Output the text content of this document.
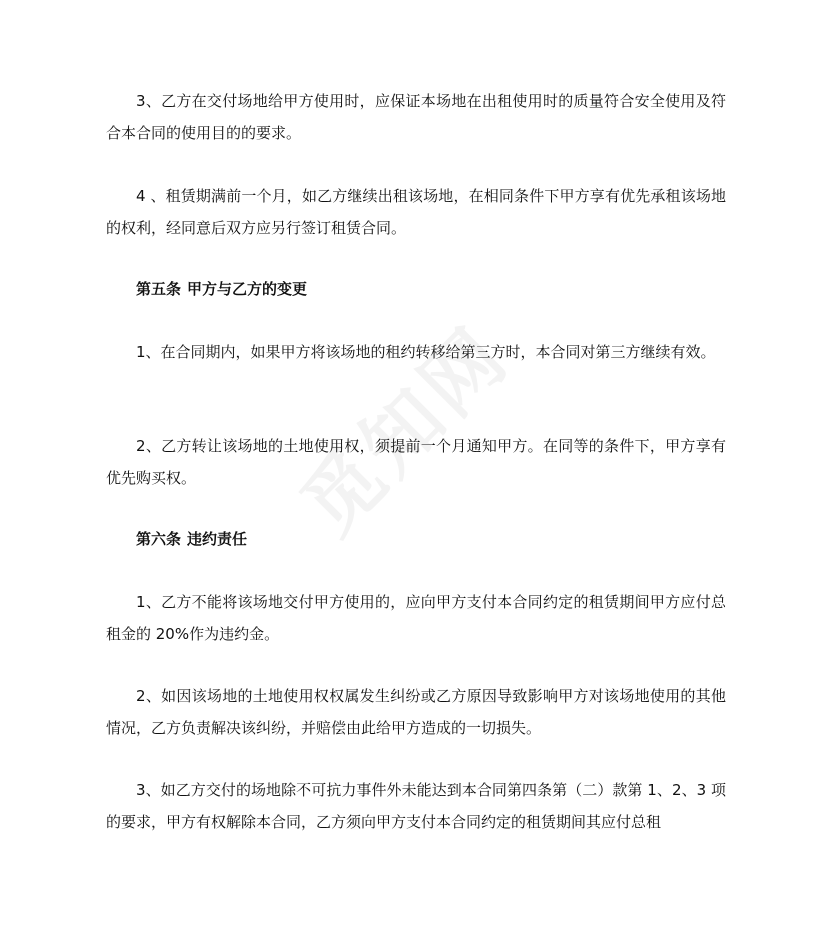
3、乙方在交付场地给甲方使用时，应保证本场地在出租使用时的质量符合安全使用及符合本合同的使用目的的要求。

4 、租赁期满前一个月，如乙方继续出租该场地，在相同条件下甲方享有优先承租该场地的权利，经同意后双方应另行签订租赁合同。

第五条 甲方与乙方的变更

1、在合同期内，如果甲方将该场地的租约转移给第三方时，本合同对第三方继续有效。

2、乙方转让该场地的土地使用权，须提前一个月通知甲方。在同等的条件下，甲方享有优先购买权。

第六条 违约责任

1、乙方不能将该场地交付甲方使用的，应向甲方支付本合同约定的租赁期间甲方应付总租金的 20%作为违约金。

2、如因该场地的土地使用权权属发生纠纷或乙方原因导致影响甲方对该场地使用的其他情况，乙方负责解决该纠纷，并赔偿由此给甲方造成的一切损失。

3、如乙方交付的场地除不可抗力事件外未能达到本合同第四条第（二）款第 1、2、3 项的要求，甲方有权解除本合同，乙方须向甲方支付本合同约定的租赁期间其应付总租
